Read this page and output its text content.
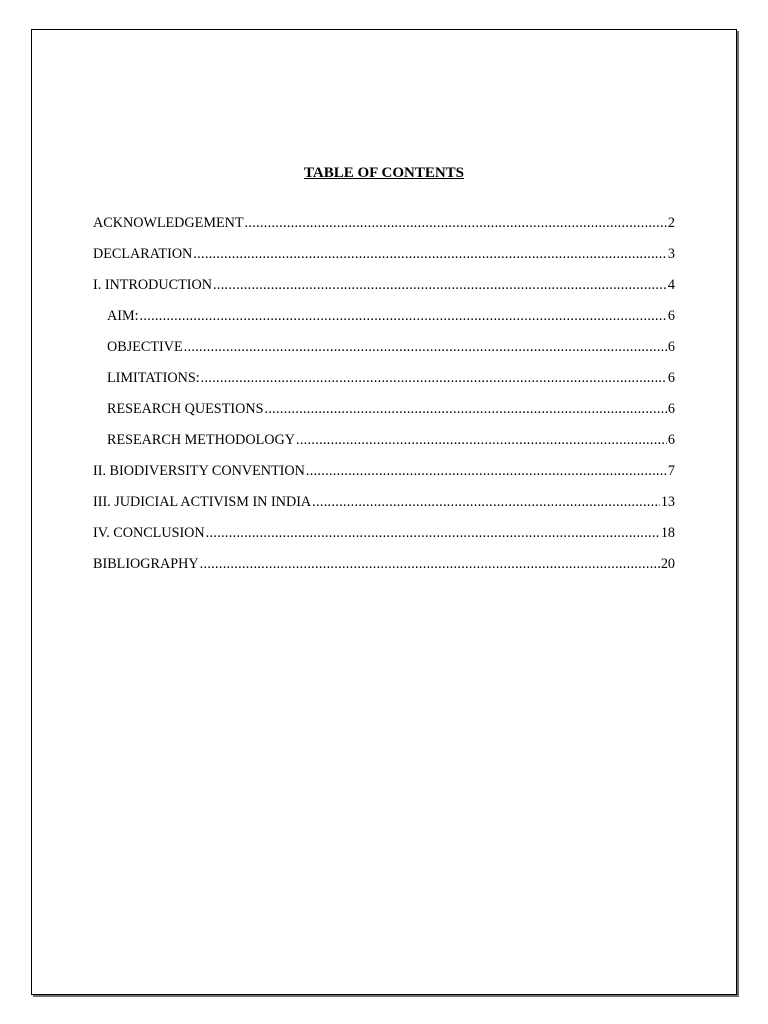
TABLE OF CONTENTS
ACKNOWLEDGEMENT .....	2
DECLARATION .....	3
I. INTRODUCTION .....	4
AIM: .....	6
OBJECTIVE .....	6
LIMITATIONS: .....	6
RESEARCH QUESTIONS .....	6
RESEARCH METHODOLOGY .....	6
II. BIODIVERSITY CONVENTION .....	7
III. JUDICIAL ACTIVISM IN INDIA .....	13
IV. CONCLUSION .....	18
BIBLIOGRAPHY .....	20
